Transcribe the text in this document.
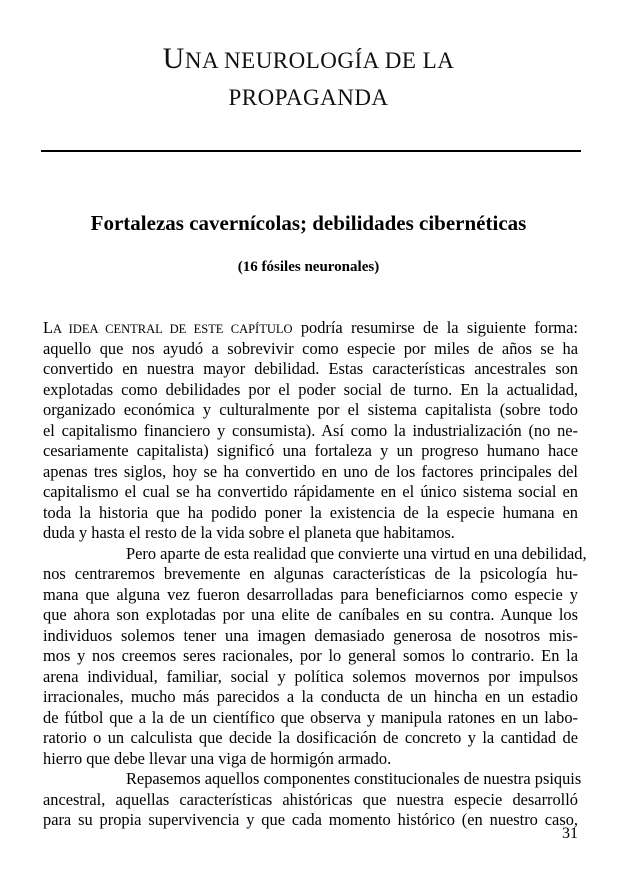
UNA NEUROLOGÍA DE LA
PROPAGANDA
Fortalezas cavernícolas; debilidades cibernéticas
(16 fósiles neuronales)
LA IDEA CENTRAL DE ESTE CAPÍTULO podría resumirse de la siguiente forma:
aquello que nos ayudó a sobrevivir como especie por miles de años se ha
convertido en nuestra mayor debilidad. Estas características ancestrales son
explotadas como debilidades por el poder social de turno. En la actualidad,
organizado económica y culturalmente por el sistema capitalista (sobre todo
el capitalismo financiero y consumista). Así como la industrialización (no ne-
cesariamente capitalista) significó una fortaleza y un progreso humano hace
apenas tres siglos, hoy se ha convertido en uno de los factores principales del
capitalismo el cual se ha convertido rápidamente en el único sistema social en
toda la historia que ha podido poner la existencia de la especie humana en
duda y hasta el resto de la vida sobre el planeta que habitamos.
Pero aparte de esta realidad que convierte una virtud en una debilidad,
nos centraremos brevemente en algunas características de la psicología hu-
mana que alguna vez fueron desarrolladas para beneficiarnos como especie y
que ahora son explotadas por una elite de caníbales en su contra. Aunque los
individuos solemos tener una imagen demasiado generosa de nosotros mis-
mos y nos creemos seres racionales, por lo general somos lo contrario. En la
arena individual, familiar, social y política solemos movernos por impulsos
irracionales, mucho más parecidos a la conducta de un hincha en un estadio
de fútbol que a la de un científico que observa y manipula ratones en un labo-
ratorio o un calculista que decide la dosificación de concreto y la cantidad de
hierro que debe llevar una viga de hormigón armado.
Repasemos aquellos componentes constitucionales de nuestra psiquis
ancestral, aquellas características ahistóricas que nuestra especie desarrolló
para su propia supervivencia y que cada momento histórico (en nuestro caso,
31
